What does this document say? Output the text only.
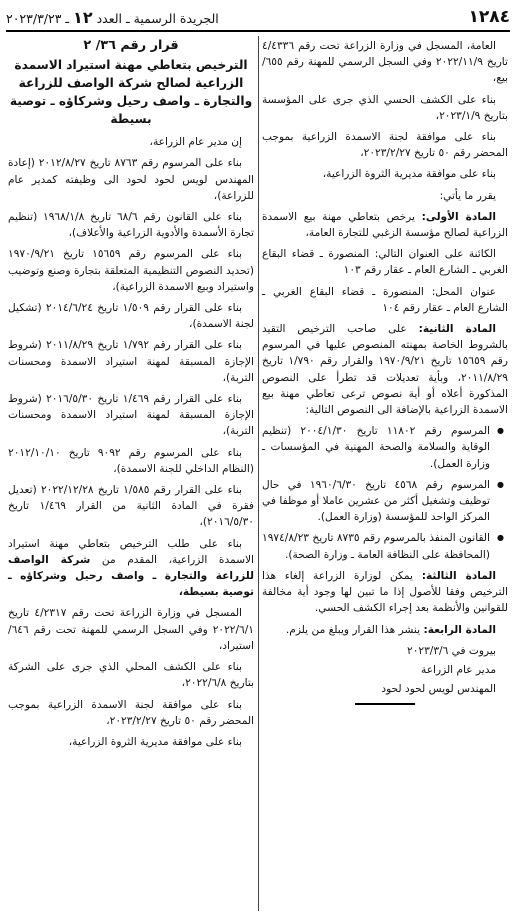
١٢٨٤
الجريدة الرسمية ـ العدد ١٢ ـ ٢٠٢٣/٣/٢٣

العامة، المسجل في وزارة الزراعة تحت رقم ٤/٤٣٣٦ تاريخ ٢٠٢٢/١١/٩ وفي السجل الرسمي للمهنة رقم ٦٥٥/ بيع،

بناء على الكشف الحسي الذي جرى على المؤسسة بتاريخ ٢٠٢٣/١/٩،

بناء على موافقة لجنة الاسمدة الزراعية بموجب المحضر رقم ٥٠ تاريخ ٢٠٢٣/٢/٢٧،

بناء على موافقة مديرية الثروة الزراعية،

يقرر ما يأتي:

المادة الأولى: يرخص بتعاطي مهنة بيع الاسمدة الزراعية لصالح مؤسسة الزغبي للتجارة العامة،

الكائنة على العنوان التالي: المنصورة ـ قضاء البقاع الغربي ـ الشارع العام ـ عقار رقم ١٠٣

عنوان المحل: المنصورة ـ قضاء البقاع الغربي ـ الشارع العام ـ عقار رقم ١٠٤

المادة الثانية: على صاحب الترخيص التقيد بالشروط الخاصة بمهنته المنصوص عليها في المرسوم رقم ١٥٦٥٩ تاريخ ١٩٧٠/٩/٢١ والقرار رقم ١/٧٩٠ تاريخ ٢٠١١/٨/٢٩، وبأية تعديلات قد تطرأ على النصوص المذكورة أعلاه أو أية نصوص ترعى تعاطي مهنة بيع الاسمدة الزراعية بالإضافة الى النصوص التالية:

● المرسوم رقم ١١٨٠٢ تاريخ ٢٠٠٤/١/٣٠ (تنظيم الوقاية والسلامة والصحة المهنية في المؤسسات ـ وزارة العمل).
● المرسوم رقم ٤٥٦٨ تاريخ ١٩٦٠/٦/٣٠ في حال توظيف وتشغيل أكثر من عشرين عاملا أو موظفا في المركز الواحد للمؤسسة (وزارة العمل).
● القانون المنفذ بالمرسوم رقم ٨٧٣٥ تاريخ ١٩٧٤/٨/٢٣ (المحافظة على النظافة العامة ـ وزارة الصحة).

المادة الثالثة: يمكن لوزارة الزراعة إلغاء هذا الترخيص وفقا للأصول إذا ما تبين لها وجود أية مخالفة للقوانين والأنظمة بعد إجراء الكشف الحسي.

المادة الرابعة: ينشر هذا القرار ويبلغ من يلزم.

بيروت في ٢٠٢٣/٣/٦

مدير عام الزراعة

المهندس لويس لحود لحود

قرار رقم ٣٦/ ٢
الترخيص بتعاطي مهنة استيراد الاسمدة الزراعية لصالح شركة الواصف للزراعة والتجارة ـ واصف رحيل وشركاؤه ـ توصية بسيطة

إن مدير عام الزراعة،

بناء على المرسوم رقم ٨٧٦٣ تاريخ ٢٠١٢/٨/٢٧ (إعادة المهندس لويس لحود لحود الى وظيفته كمدير عام للزراعة)،

بناء على القانون رقم ٦٨/٦ تاريخ ١٩٦٨/١/٨ (تنظيم تجارة الأسمدة والأدوية الزراعية والأعلاف)،

بناء على المرسوم رقم ١٥٦٥٩ تاريخ ١٩٧٠/٩/٢١ (تحديد النصوص التنظيمية المتعلقة بتجارة وصنع وتوضيب واستيراد وبيع الاسمدة الزراعية)،

بناء على القرار رقم ١/٥٠٩ تاريخ ٢٠١٤/٦/٢٤ (تشكيل لجنة الاسمدة)،

بناء على القرار رقم ١/٧٩٢ تاريخ ٢٠١١/٨/٢٩ (شروط الإجازة المسبقة لمهنة استيراد الاسمدة ومحسنات التربة)،

بناء على القرار رقم ١/٤٦٩ تاريخ ٢٠١٦/٥/٣٠ (شروط الإجازة المسبقة لمهنة استيراد الاسمدة ومحسنات التربة)،

بناء على المرسوم رقم ٩٠٩٢ تاريخ ٢٠١٢/١٠/١٠ (النظام الداخلي للجنة الاسمدة)،

بناء على القرار رقم ١/٥٨٥ تاريخ ٢٠٢٢/١٢/٢٨ (تعديل فقرة في المادة الثانية من القرار ١/٤٦٩ تاريخ ٢٠١٦/٥/٣٠)،

بناء على طلب الترخيص بتعاطي مهنة استيراد الاسمدة الزراعية، المقدم من شركة الواصف للزراعة والتجارة ـ واصف رحيل وشركاؤه ـ توصية بسيطة،

المسجل في وزارة الزراعة تحت رقم ٤/٢٣١٧ تاريخ ٢٠٢٢/٦/١ وفي السجل الرسمي للمهنة تحت رقم ٦٤٦/استيراد،

بناء على الكشف المحلي الذي جرى على الشركة بتاريخ ٢٠٢٢/٦/٨،

بناء على موافقة لجنة الاسمدة الزراعية بموجب المحضر رقم ٥٠ تاريخ ٢٠٢٣/٢/٢٧،

بناء على موافقة مديرية الثروة الزراعية،
